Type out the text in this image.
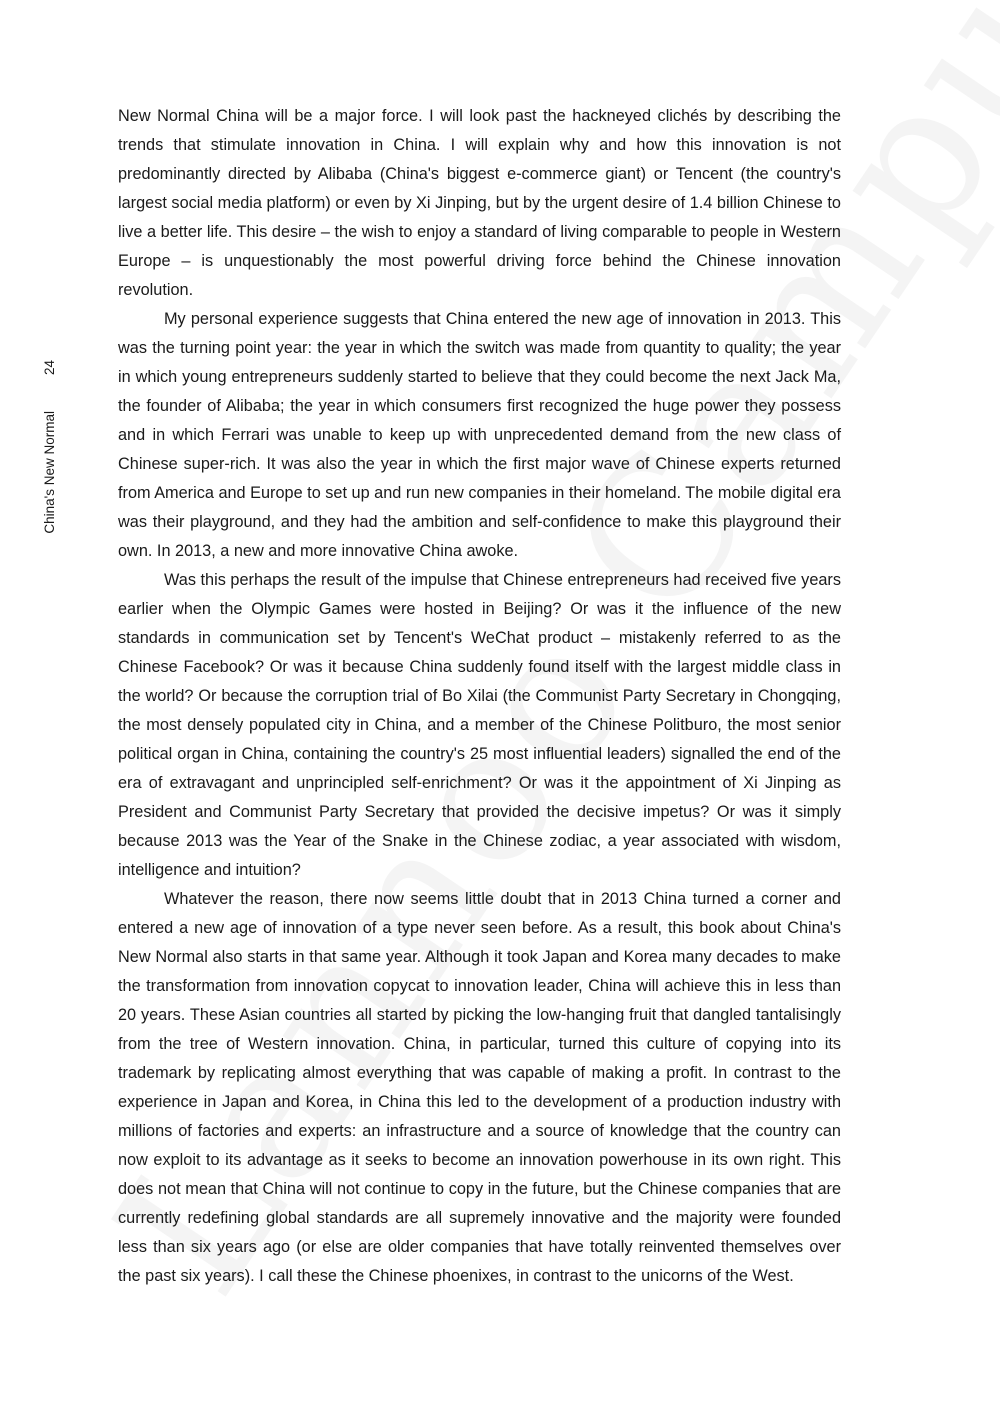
China's New Normal
24

New Normal China will be a major force. I will look past the hackneyed clichés by describing the trends that stimulate innovation in China. I will explain why and how this innovation is not predominantly directed by Alibaba (China's biggest e-commerce giant) or Tencent (the country's largest social media platform) or even by Xi Jinping, but by the urgent desire of 1.4 billion Chinese to live a better life. This desire – the wish to enjoy a standard of living comparable to people in Western Europe – is unquestionably the most powerful driving force behind the Chinese innovation revolution.

My personal experience suggests that China entered the new age of innovation in 2013. This was the turning point year: the year in which the switch was made from quantity to quality; the year in which young entrepreneurs suddenly started to believe that they could become the next Jack Ma, the founder of Alibaba; the year in which consumers first recognized the huge power they possess and in which Ferrari was unable to keep up with unprecedented demand from the new class of Chinese super-rich. It was also the year in which the first major wave of Chinese experts returned from America and Europe to set up and run new companies in their homeland. The mobile digital era was their playground, and they had the ambition and self-confidence to make this playground their own. In 2013, a new and more innovative China awoke.

Was this perhaps the result of the impulse that Chinese entrepreneurs had received five years earlier when the Olympic Games were hosted in Beijing? Or was it the influence of the new standards in communication set by Tencent's WeChat product – mistakenly referred to as the Chinese Facebook? Or was it because China suddenly found itself with the largest middle class in the world? Or because the corruption trial of Bo Xilai (the Communist Party Secretary in Chongqing, the most densely populated city in China, and a member of the Chinese Politburo, the most senior political organ in China, containing the country's 25 most influential leaders) signalled the end of the era of extravagant and unprincipled self-enrichment? Or was it the appointment of Xi Jinping as President and Communist Party Secretary that provided the decisive impetus? Or was it simply because 2013 was the Year of the Snake in the Chinese zodiac, a year associated with wisdom, intelligence and intuition?

Whatever the reason, there now seems little doubt that in 2013 China turned a corner and entered a new age of innovation of a type never seen before. As a result, this book about China's New Normal also starts in that same year. Although it took Japan and Korea many decades to make the transformation from innovation copycat to innovation leader, China will achieve this in less than 20 years. These Asian countries all started by picking the low-hanging fruit that dangled tantalisingly from the tree of Western innovation. China, in particular, turned this culture of copying into its trademark by replicating almost everything that was capable of making a profit. In contrast to the experience in Japan and Korea, in China this led to the development of a production industry with millions of factories and experts: an infrastructure and a source of knowledge that the country can now exploit to its advantage as it seeks to become an innovation powerhouse in its own right. This does not mean that China will not continue to copy in the future, but the Chinese companies that are currently redefining global standards are all supremely innovative and the majority were founded less than six years ago (or else are older companies that have totally reinvented themselves over the past six years). I call these the Chinese phoenixes, in contrast to the unicorns of the West.
